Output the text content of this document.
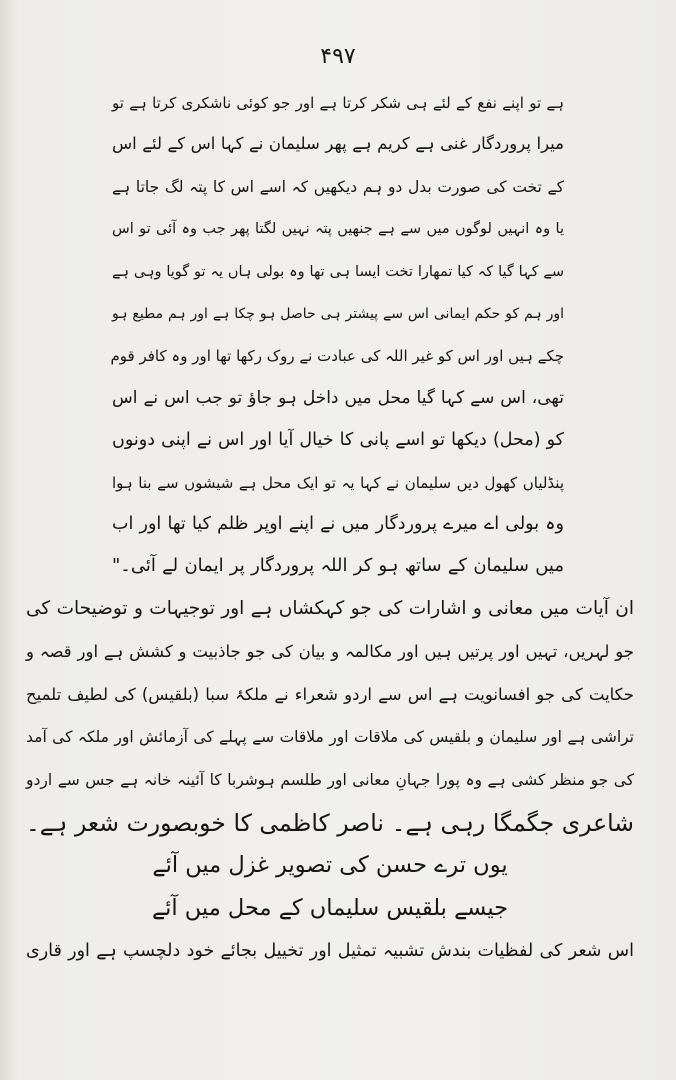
۴۹۷
ہے تو اپنے نفع کے لئے ہی شکر کرتا ہے اور جو کوئی ناشکری کرتا ہے تو
میرا پروردگار غنی ہے کریم ہے پھر سلیمان نے کہا اس کے لئے اس
کے تخت کی صورت بدل دو ہم دیکھیں کہ اسے اس کا پتہ لگ جاتا ہے
یا وہ انہیں لوگوں میں سے ہے جنھیں پتہ نہیں لگتا پھر جب وہ آئی تو اس
سے کہا گیا کہ کیا تمھارا تخت ایسا ہی تھا وہ بولی ہاں یہ تو گویا وہی ہے
اور ہم کو حکم ایمانی اس سے پیشتر ہی حاصل ہو چکا ہے اور ہم مطیع ہو
چکے ہیں اور اس کو غیر اللہ کی عبادت نے روک رکھا تھا اور وہ کافر قوم
تھی، اس سے کہا گیا محل میں داخل ہو جاؤ تو جب اس نے اس
کو (محل) دیکھا تو اسے پانی کا خیال آیا اور اس نے اپنی دونوں
پنڈلیاں کھول دیں سلیمان نے کہا یہ تو ایک محل ہے شیشوں سے بنا ہوا
وہ بولی اے میرے پروردگار میں نے اپنے اوپر ظلم کیا تھا اور اب
میں سلیمان کے ساتھ ہو کر اللہ پروردگار پر ایمان لے آئی۔"
ان آیات میں معانی و اشارات کی جو کہکشاں ہے اور توجیہات و توضیحات کی
جو لہریں، تہیں اور پرتیں ہیں اور مکالمہ و بیان کی جو جاذبیت و کشش ہے اور قصہ و
حکایت کی جو افسانویت ہے اس سے اردو شعراء نے ملکۂ سبا (بلقیس) کی لطیف تلمیح
تراشی ہے اور سلیمان و بلقیس کی ملاقات اور ملاقات سے پہلے کی آزمائش اور ملکہ کی آمد
کی جو منظر کشی ہے وہ پورا جہانِ معانی اور طلسم ہوشربا کا آئینہ خانہ ہے جس سے اردو
شاعری جگمگا رہی ہے۔ ناصر کاظمی کا خوبصورت شعر ہے۔
یوں ترے حسن کی تصویر غزل میں آئے
جیسے بلقیس سلیماں کے محل میں آئے
اس شعر کی لفظیات بندش تشبیہ تمثیل اور تخییل بجائے خود دلچسپ ہے اور قاری
